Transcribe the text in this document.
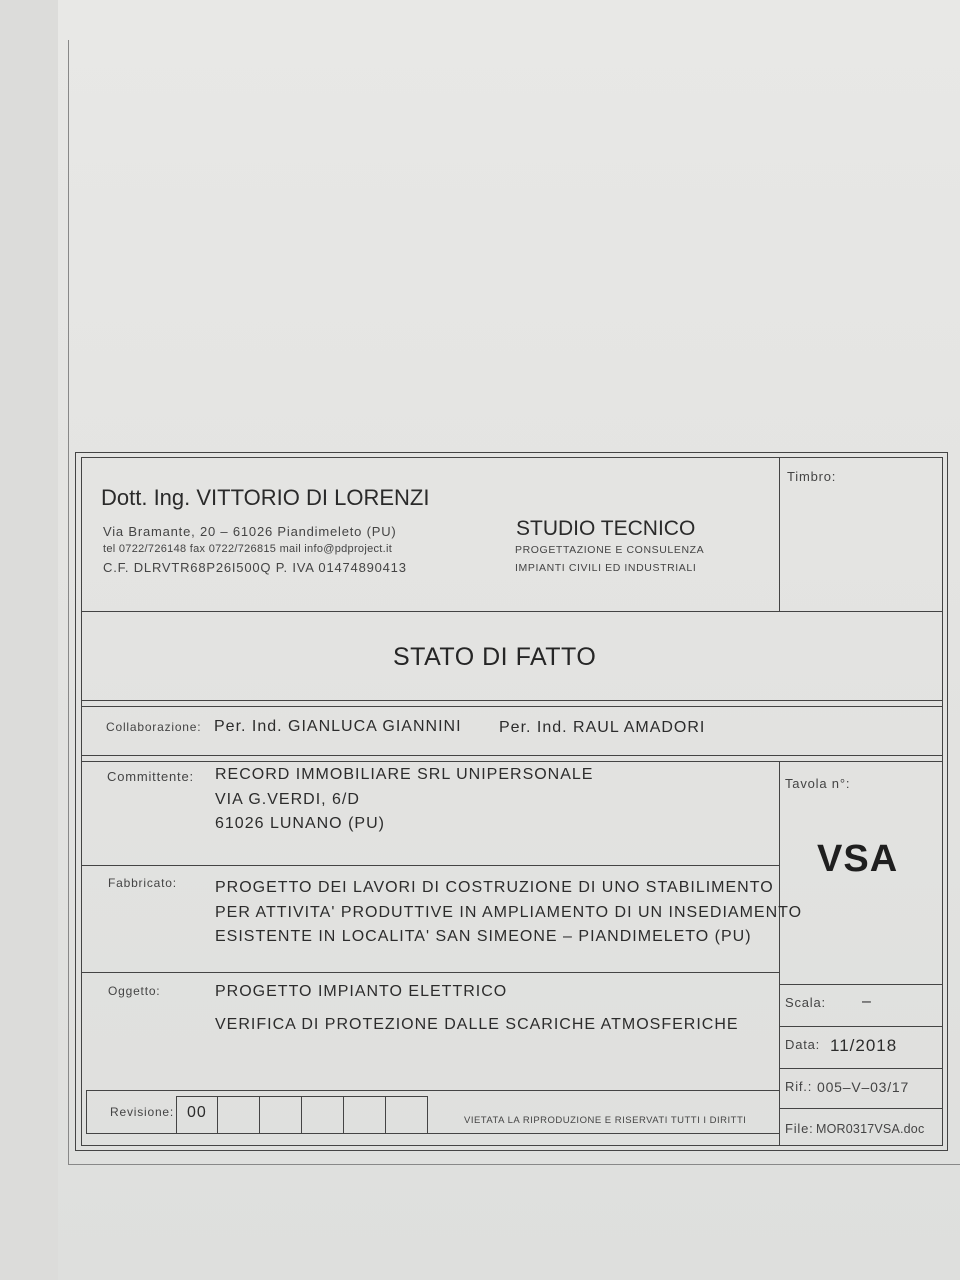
Dott. Ing. VITTORIO DI LORENZI
Via Bramante, 20 – 61026 Piandimeleto (PU)
tel 0722/726148 fax 0722/726815 mail info@pdproject.it
C.F. DLRVTR68P26I500Q P. IVA 01474890413
STUDIO TECNICO
PROGETTAZIONE E CONSULENZA
IMPIANTI CIVILI ED INDUSTRIALI
Timbro:
STATO DI FATTO
Collaborazione: Per. Ind. GIANLUCA GIANNINI Per. Ind. RAUL AMADORI
Committente: RECORD IMMOBILIARE SRL UNIPERSONALE
VIA G.VERDI, 6/D
61026 LUNANO (PU)
Fabbricato: PROGETTO DEI LAVORI DI COSTRUZIONE DI UNO STABILIMENTO
PER ATTIVITA' PRODUTTIVE IN AMPLIAMENTO DI UN INSEDIAMENTO
ESISTENTE IN LOCALITA' SAN SIMEONE – PIANDIMELETO (PU)
Oggetto:	PROGETTO IMPIANTO ELETTRICO
VERIFICA DI PROTEZIONE DALLE SCARICHE ATMOSFERICHE
Revisione: 00	VIETATA LA RIPRODUZIONE E RISERVATI TUTTI I DIRITTI
Tavola n°:
VSA
Scala: –
Data: 11/2018
Rif.: 005–V–03/17
File: MOR0317VSA.doc
